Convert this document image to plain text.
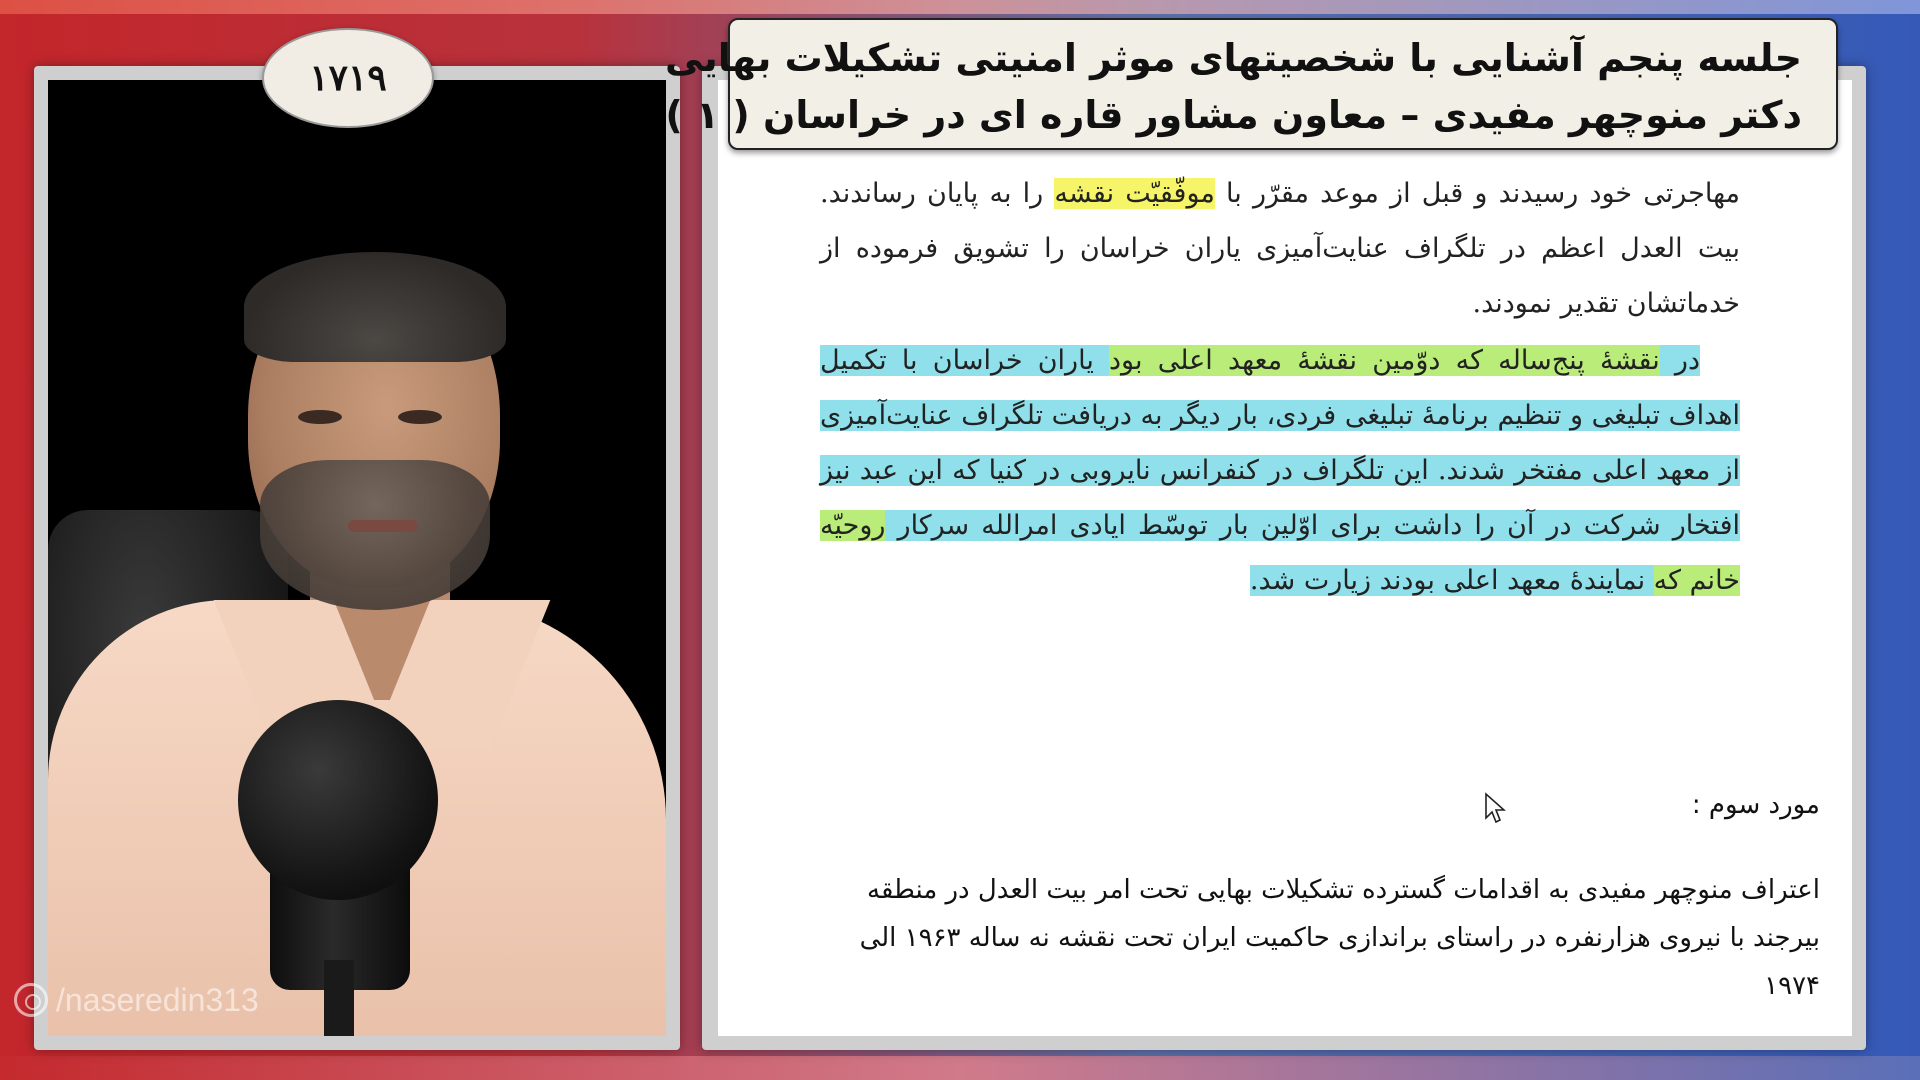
۱۷۱۹
/naseredin313
جلسه پنجم آشنایی با شخصیتهای موثر امنیتی تشکیلات بهایی
دکتر منوچهر مفیدی – معاون مشاور قاره ای در خراسان ( ۱ )

مهاجرتی خود رسیدند و قبل از موعد مقرّر با موفّقیّت نقشه را به پایان رساندند. بیت العدل اعظم در تلگراف عنایت‌آمیزی یاران خراسان را تشویق فرموده از خدماتشان تقدیر نمودند.

در نقشهٔ پنج‌ساله که دوّمین نقشهٔ معهد اعلی بود یاران خراسان با تکمیل اهداف تبلیغی و تنظیم برنامهٔ تبلیغی فردی، بار دیگر به دریافت تلگراف عنایت‌آمیزی از معهد اعلی مفتخر شدند. این تلگراف در کنفرانس نایروبی در کنیا که این عبد نیز افتخار شرکت در آن را داشت برای اوّلین بار توسّط ایادی امرالله سرکار روحیّه خانم که نمایندهٔ معهد اعلی بودند زیارت شد.

مورد سوم :

اعتراف منوچهر مفیدی به اقدامات گسترده تشکیلات بهایی تحت امر بیت العدل در منطقه

بیرجند با نیروی هزارنفره در راستای براندازی حاکمیت ایران تحت نقشه نه ساله ۱۹۶۳ الی

۱۹۷۴
